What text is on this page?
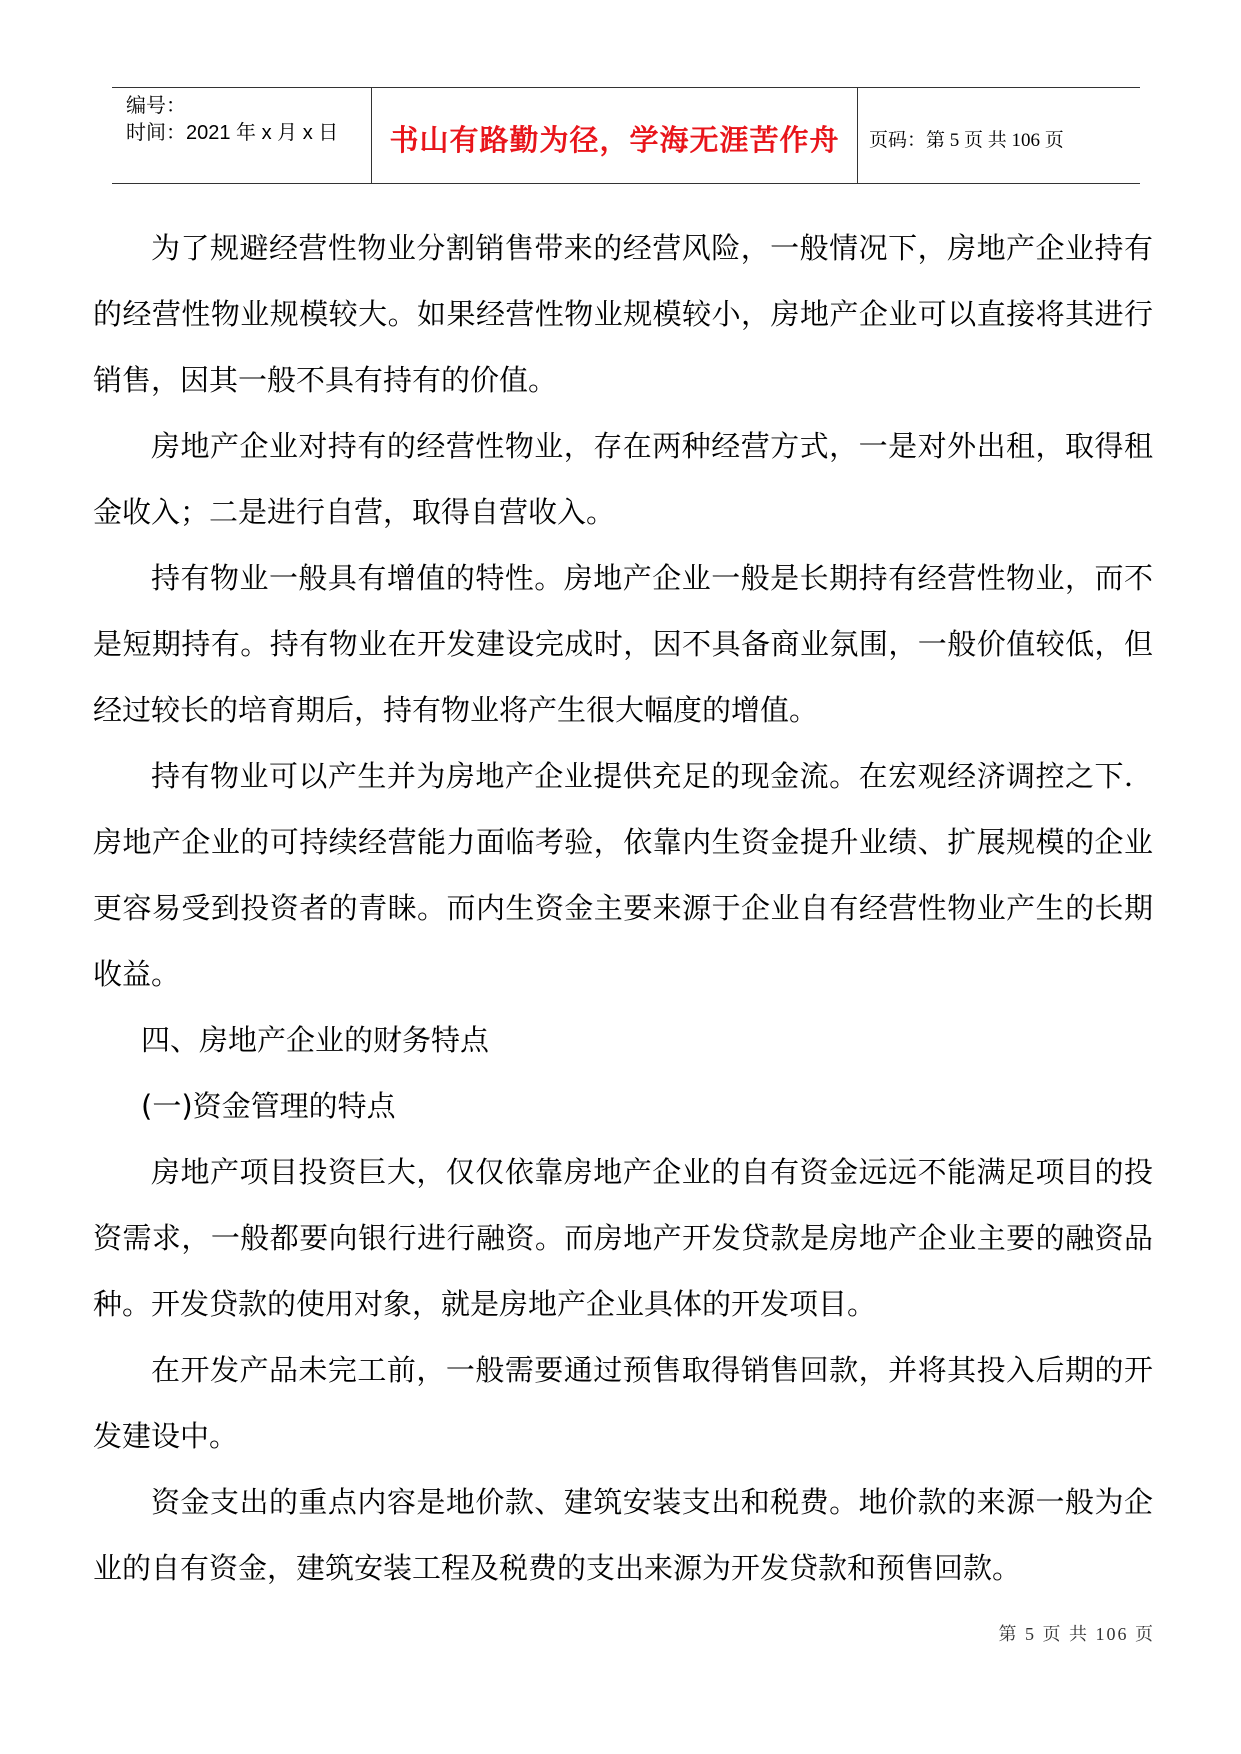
编号：
时间：2021 年 x 月 x 日	书山有路勤为径，学海无涯苦作舟	页码：第 5 页 共 106 页

为了规避经营性物业分割销售带来的经营风险，一般情况下，房地产企业持有的经营性物业规模较大。如果经营性物业规模较小，房地产企业可以直接将其进行销售，因其一般不具有持有的价值。

房地产企业对持有的经营性物业，存在两种经营方式，一是对外出租，取得租金收入；二是进行自营，取得自营收入。

持有物业一般具有增值的特性。房地产企业一般是长期持有经营性物业，而不是短期持有。持有物业在开发建设完成时，因不具备商业氛围，一般价值较低，但经过较长的培育期后，持有物业将产生很大幅度的增值。

持有物业可以产生并为房地产企业提供充足的现金流。在宏观经济调控之下．房地产企业的可持续经营能力面临考验，依靠内生资金提升业绩、扩展规模的企业更容易受到投资者的青睐。而内生资金主要来源于企业自有经营性物业产生的长期收益。

四、房地产企业的财务特点

(一)资金管理的特点

房地产项目投资巨大，仅仅依靠房地产企业的自有资金远远不能满足项目的投资需求，一般都要向银行进行融资。而房地产开发贷款是房地产企业主要的融资品种。开发贷款的使用对象，就是房地产企业具体的开发项目。

在开发产品未完工前，一般需要通过预售取得销售回款，并将其投入后期的开发建设中。

资金支出的重点内容是地价款、建筑安装支出和税费。地价款的来源一般为企业的自有资金，建筑安装工程及税费的支出来源为开发贷款和预售回款。

第 5 页 共 106 页
